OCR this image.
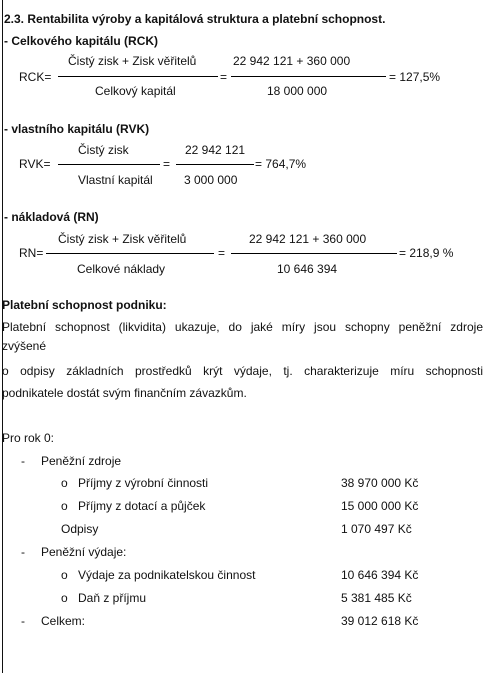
2.3. Rentabilita výroby a kapitálová struktura a platební schopnost.
- Celkového kapitálu (RCK)
RCK=
Čistý zisk + Zisk věřitelů
Celkový kapitál
=
22 942 121 + 360 000
18 000 000
= 127,5%
- vlastního kapitálu (RVK)
RVK=
Čistý zisk
Vlastní kapitál
=
22 942 121
3 000 000
= 764,7%
- nákladová (RN)
RN=
Čistý zisk + Zisk věřitelů
Celkové náklady
=
22 942 121 + 360 000
10 646 394
= 218,9 %
Platební schopnost podniku:
Platební schopnost (likvidita) ukazuje, do jaké míry jsou schopny peněžní zdroje
zvýšené
o odpisy základních prostředků krýt výdaje, tj. charakterizuje míru schopnosti
podnikatele dostát svým finančním závazkům.
Pro rok 0:
- Peněžní zdroje
o Příjmy z výrobní činnosti	38 970 000 Kč
o Příjmy z dotací a půjček	15 000 000 Kč
Odpisy	1 070 497 Kč
- Peněžní výdaje:
o Výdaje za podnikatelskou činnost	10 646 394 Kč
o Daň z příjmu	5 381 485 Kč
- Celkem:	39 012 618 Kč
